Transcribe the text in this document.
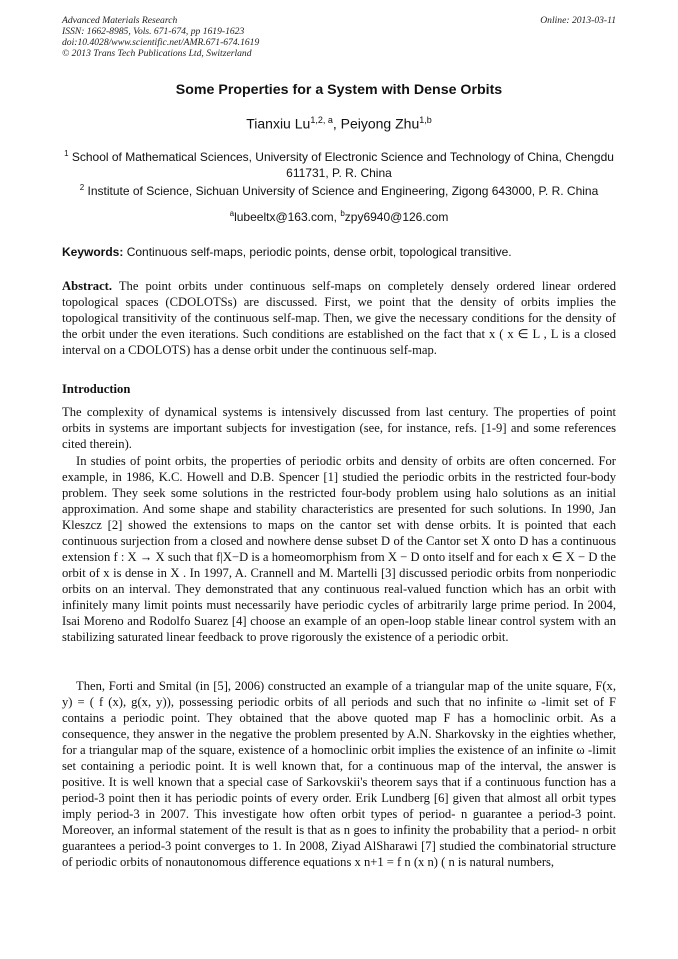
Advanced Materials Research
ISSN: 1662-8985, Vols. 671-674, pp 1619-1623
doi:10.4028/www.scientific.net/AMR.671-674.1619
© 2013 Trans Tech Publications Ltd, Switzerland
Online: 2013-03-11
Some Properties for a System with Dense Orbits
Tianxiu Lu$^{1,2, a}$, Peiyong Zhu$^{1,b}$
$^1$ School of Mathematical Sciences, University of Electronic Science and Technology of China, Chengdu 611731, P. R. China
$^2$ Institute of Science, Sichuan University of Science and Engineering, Zigong 643000, P. R. China
$^a$lubeeltx@163.com, $^b$zpy6940@126.com
Keywords: Continuous self-maps, periodic points, dense orbit, topological transitive.
Abstract. The point orbits under continuous self-maps on completely densely ordered linear ordered topological spaces (CDOLOTSs) are discussed. First, we point that the density of orbits implies the topological transitivity of the continuous self-map. Then, we give the necessary conditions for the density of the orbit under the even iterations. Such conditions are established on the fact that x ( x ∈ L , L is a closed interval on a CDOLOTS) has a dense orbit under the continuous self-map.
Introduction
The complexity of dynamical systems is intensively discussed from last century. The properties of point orbits in systems are important subjects for investigation (see, for instance, refs. [1-9] and some references cited therein).
In studies of point orbits, the properties of periodic orbits and density of orbits are often concerned. For example, in 1986, K.C. Howell and D.B. Spencer [1] studied the periodic orbits in the restricted four-body problem. They seek some solutions in the restricted four-body problem using halo solutions as an initial approximation. And some shape and stability characteristics are presented for such solutions. In 1990, Jan Kleszcz [2] showed the extensions to maps on the cantor set with dense orbits. It is pointed that each continuous surjection from a closed and nowhere dense subset D of the Cantor set X onto D has a continuous extension f : X → X such that f|X−D is a homeomorphism from X − D onto itself and for each x ∈ X − D the orbit of x is dense in X . In 1997, A. Crannell and M. Martelli [3] discussed periodic orbits from nonperiodic orbits on an interval. They demonstrated that any continuous real-valued function which has an orbit with infinitely many limit points must necessarily have periodic cycles of arbitrarily large prime period. In 2004, Isai Moreno and Rodolfo Suarez [4] choose an example of an open-loop stable linear control system with an stabilizing saturated linear feedback to prove rigorously the existence of a periodic orbit.
Then, Forti and Smital (in [5], 2006) constructed an example of a triangular map of the unite square, F(x, y) = ( f (x), g(x, y)), possessing periodic orbits of all periods and such that no infinite ω -limit set of F contains a periodic point. They obtained that the above quoted map F has a homoclinic orbit. As a consequence, they answer in the negative the problem presented by A.N. Sharkovsky in the eighties whether, for a triangular map of the square, existence of a homoclinic orbit implies the existence of an infinite ω -limit set containing a periodic point. It is well known that, for a continuous map of the interval, the answer is positive. It is well known that a special case of Sarkovskii's theorem says that if a continuous function has a period-3 point then it has periodic points of every order. Erik Lundberg [6] given that almost all orbit types imply period-3 in 2007. This investigate how often orbit types of period- n guarantee a period-3 point. Moreover, an informal statement of the result is that as n goes to infinity the probability that a period- n orbit guarantees a period-3 point converges to 1. In 2008, Ziyad AlSharawi [7] studied the combinatorial structure of periodic orbits of nonautonomous difference equations x n+1 = f n (x n) ( n is natural numbers,
